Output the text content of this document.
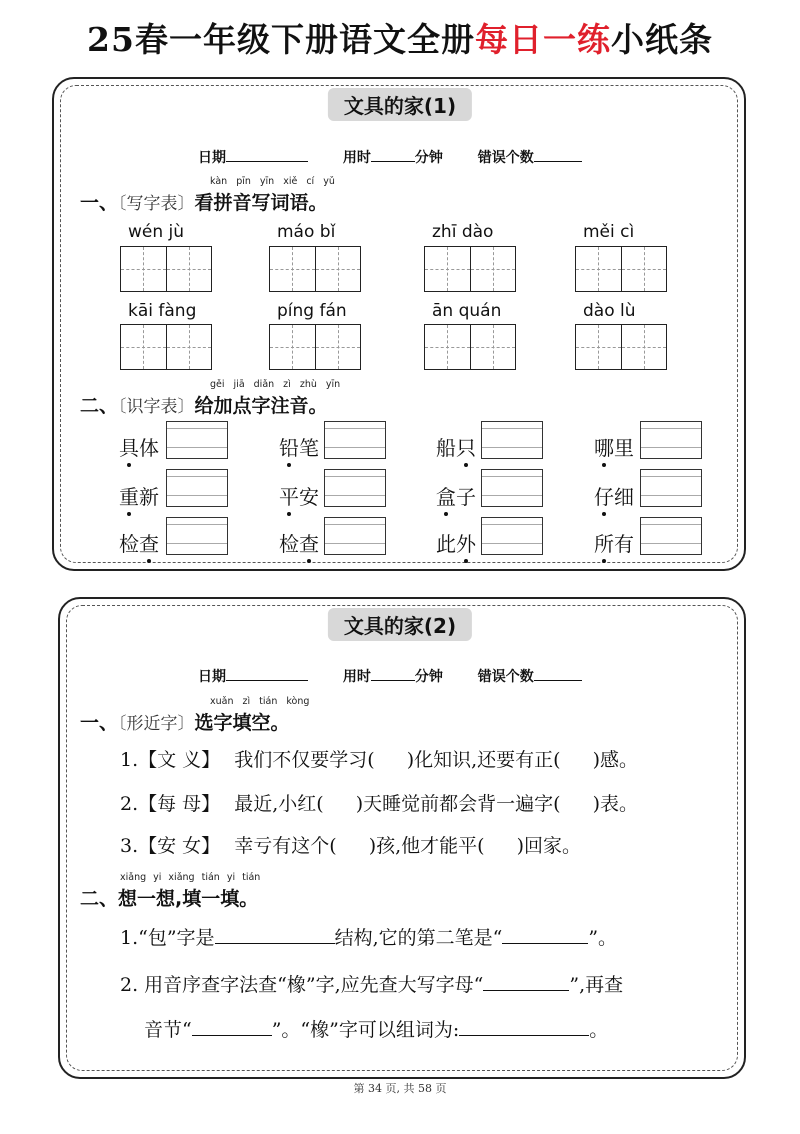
25春一年级下册语文全册每日一练小纸条
文具的家(1)
日期	用时	分钟 错误个数
kàn pīn yīn xiě cí yǔ
一、〔写字表〕看拼音写词语。
wén jù	máo bǐ	zhī dào	měi cì
kāi fàng	píng fán	ān quán	dào lù
gěi jiā diǎn zì zhù yīn
二、〔识字表〕给加点字注音。
具体	铅笔	船只	哪里
重新	平安	盒子	仔细
检查	检查	此外	所有
文具的家(2)
日期	用时	分钟 错误个数
xuǎn zì tián kòng
一、〔形近字〕选字填空。
1.【文 义】 我们不仅要学习( )化知识,还要有正( )感。
2.【每 母】 最近,小红( )天睡觉前都会背一遍字( )表。
3.【安 女】 幸亏有这个( )孩,他才能平( )回家。
xiǎng yi xiǎng tián yi tián
二、想一想,填一填。
1.“包”字是	结构,它的第二笔是“	”。
2. 用音序查字法查“橡”字,应先查大写字母“	”,再查
音节“	”。“橡”字可以组词为:	。
第 34 页, 共 58 页
